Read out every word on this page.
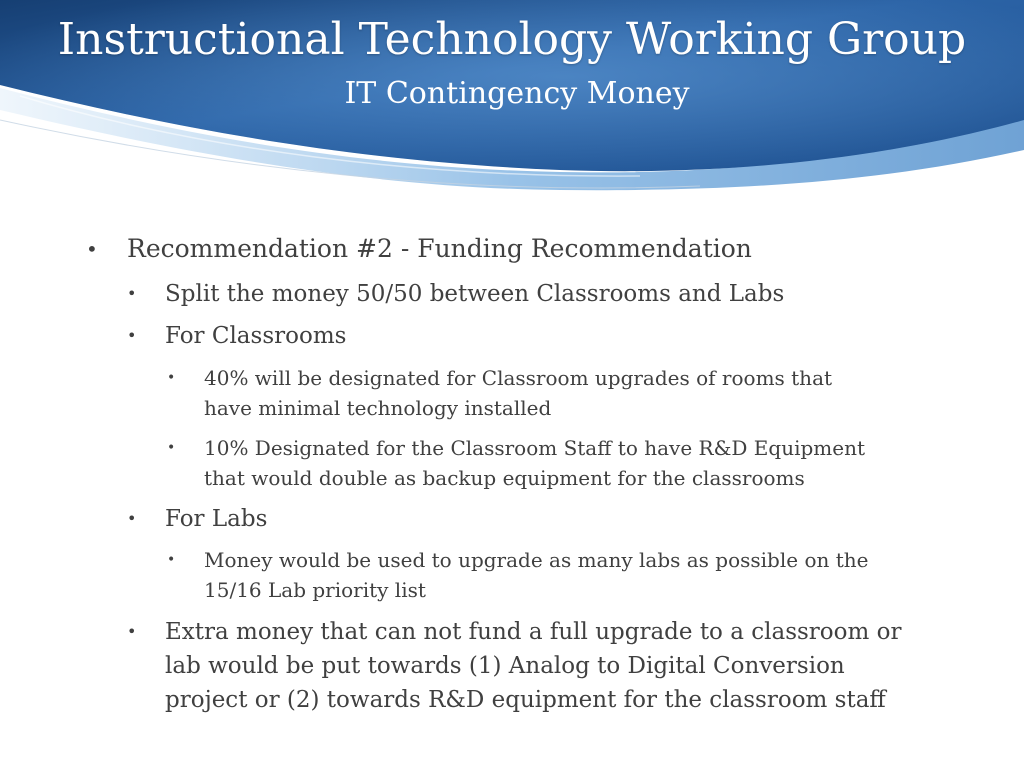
Instructional Technology Working Group
IT Contingency Money
• Recommendation #2 - Funding Recommendation
• Split the money 50/50 between Classrooms and Labs
• For Classrooms
• 40% will be designated for Classroom upgrades of rooms that
have minimal technology installed
• 10% Designated for the Classroom Staff to have R&D Equipment
that would double as backup equipment for the classrooms
• For Labs
• Money would be used to upgrade as many labs as possible on the
15/16 Lab priority list
• Extra money that can not fund a full upgrade to a classroom or
lab would be put towards (1) Analog to Digital Conversion
project or (2) towards R&D equipment for the classroom staff
